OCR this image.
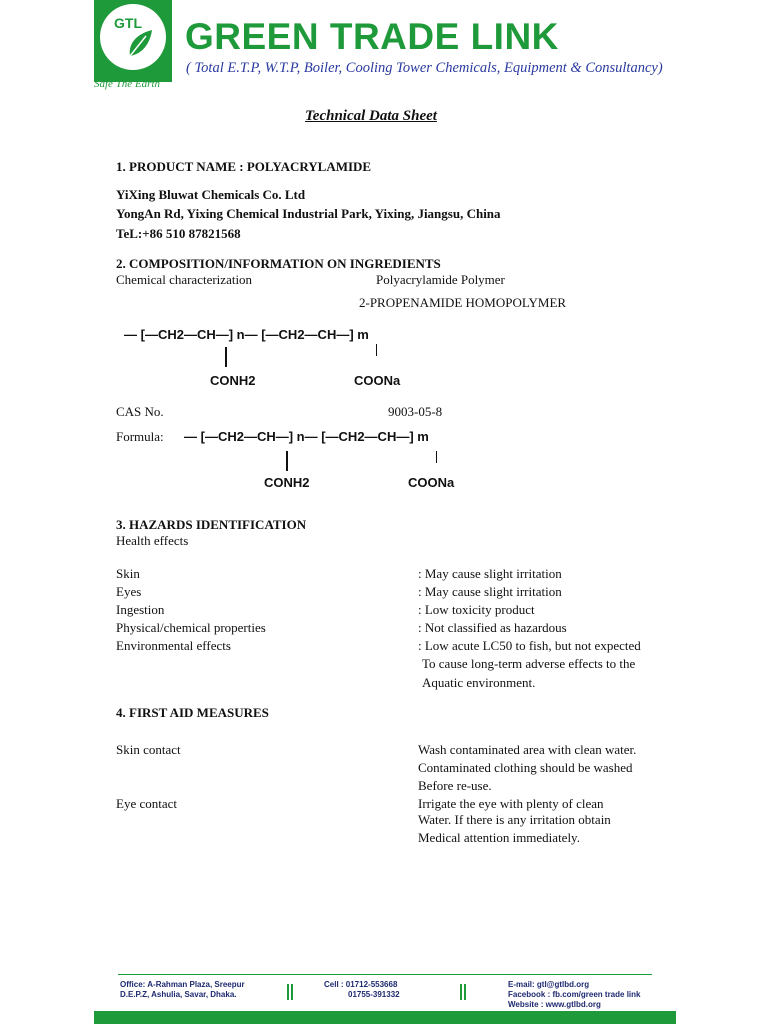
GTL
Safe The Earth
GREEN TRADE LINK
( Total E.T.P, W.T.P, Boiler, Cooling Tower Chemicals, Equipment & Consultancy)
Technical Data Sheet
1. PRODUCT NAME : POLYACRYLAMIDE
YiXing Bluwat Chemicals Co. Ltd
YongAn Rd, Yixing Chemical Industrial Park, Yixing, Jiangsu, China
TeL:+86 510 87821568
2. COMPOSITION/INFORMATION ON INGREDIENTS
Chemical characterization	Polyacrylamide Polymer
2-PROPENAMIDE HOMOPOLYMER
— [—CH2—CH—] n— [—CH2—CH—] m
CONH2	COONa
CAS No.	9003-05-8
Formula: — [—CH2—CH—] n— [—CH2—CH—] m
CONH2	COONa
3. HAZARDS IDENTIFICATION
Health effects
Skin	: May cause slight irritation
Eyes	: May cause slight irritation
Ingestion	: Low toxicity product
Physical/chemical properties	: Not classified as hazardous
Environmental effects	: Low acute LC50 to fish, but not expected
To cause long-term adverse effects to the
Aquatic environment.
4. FIRST AID MEASURES
Skin contact	Wash contaminated area with clean water.
Contaminated clothing should be washed
Before re-use.
Eye contact	Irrigate the eye with plenty of clean
Water. If there is any irritation obtain
Medical attention immediately.
Office: A-Rahman Plaza, Sreepur
D.E.P.Z, Ashulia, Savar, Dhaka.
Cell : 01712-553668
01755-391332
E-mail: gtl@gtlbd.org
Facebook : fb.com/green trade link
Website : www.gtlbd.org
